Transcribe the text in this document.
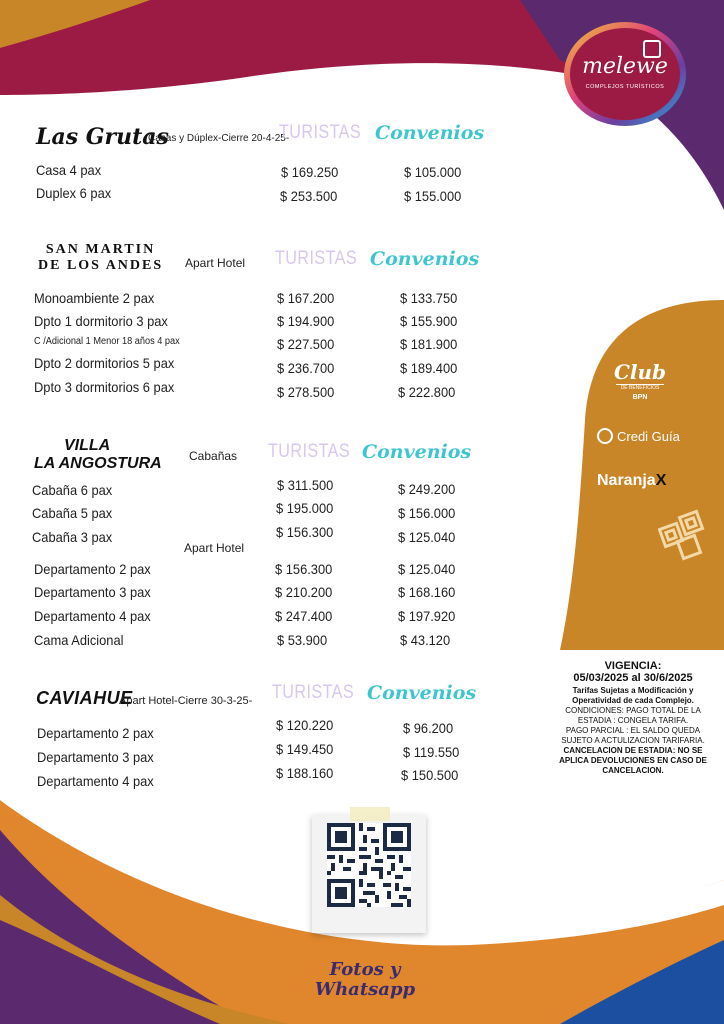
melewe
COMPLEJOS TURÍSTICOS
Las Grutas
Casas y Dúplex-Cierre 20-4-25-
TURISTAS Convenios
Casa 4 pax	$ 169.250	$ 105.000
Duplex 6 pax	$ 253.500	$ 155.000
SAN MARTIN
DE LOS ANDES Apart Hotel TURISTAS Convenios
Monoambiente 2 pax	$ 167.200	$ 133.750
Dpto 1 dormitorio 3 pax	$ 194.900	$ 155.900
C /Adicional 1 Menor 18 años 4 pax	$ 227.500	$ 181.900
Dpto 2 dormitorios 5 pax	$ 236.700	$ 189.400
Dpto 3 dormitorios 6 pax	$ 278.500	$ 222.800
VILLA
LA ANGOSTURA Cabañas TURISTAS Convenios
Cabaña 6 pax	$ 311.500	$ 249.200
Cabaña 5 pax	$ 195.000	$ 156.000
Cabaña 3 pax	$ 156.300	$ 125.040
Apart Hotel
Departamento 2 pax	$ 156.300	$ 125.040
Departamento 3 pax	$ 210.200	$ 168.160
Departamento 4 pax	$ 247.400	$ 197.920
Cama Adicional	$ 53.900	$ 43.120
CAVIAHUE
Apart Hotel-Cierre 30-3-25- TURISTAS Convenios
Departamento 2 pax	$ 120.220	$ 96.200
Departamento 3 pax	$ 149.450	$ 119.550
Departamento 4 pax	$ 188.160	$ 150.500
Club
DE BENEFICIOS
BPN
Credi Guía
NaranjaX
VIGENCIA:
05/03/2025 al 30/6/2025
Tarifas Sujetas a Modificación y Operatividad de cada Complejo.
CONDICIONES: PAGO TOTAL DE LA ESTADIA : CONGELA TARIFA.
PAGO PARCIAL : EL SALDO QUEDA SUJETO A ACTULIZACION TARIFARIA.
CANCELACION DE ESTADIA: NO SE APLICA DEVOLUCIONES EN CASO DE CANCELACION.
Fotos y
Whatsapp
